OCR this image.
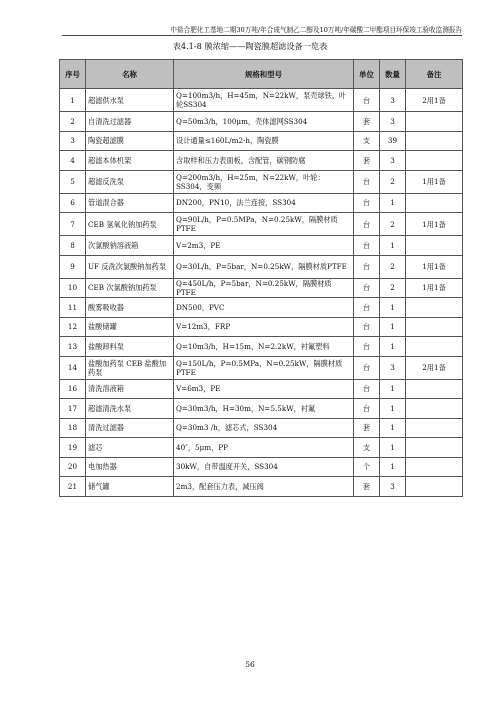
中盐合肥化工基地二期30万吨/年合成气制乙二醇及10万吨/年碳酸二甲酯项目环保竣工验收监测报告
表4.1-8 膜浓缩——陶瓷膜超滤设备一览表
序号	名称	规格和型号	单位	数量	备注
1	超滤供水泵	Q=100m3/h，H=45m，N=22kW，泵壳球铁，叶轮SS304	台	3	2用1备
2	自清洗过滤器	Q=50m3/h，100μm，壳体滤网SS304	套	3	
3	陶瓷超滤膜	设计通量≤160L/m2·h，陶瓷膜	支	39	
4	超滤本体机架	含取样和压力表面板，含配管，碳钢防腐	套	3	
5	超滤反洗泵	Q=200m3/h，H=25m，N=22kW，叶轮：SS304，变频	台	2	1用1备
6	管道混合器	DN200，PN10，法兰连接，SS304	台	1	
7	CEB 氢氧化钠加药泵	Q=90L/h，P=0.5MPa，N=0.25kW，隔膜材质PTFE	台	2	1用1备
8	次氯酸钠溶液箱	V=2m3，PE	台	1	
9	UF 反洗次氯酸钠加药泵	Q=30L/h，P=5bar，N=0.25kW，隔膜材质PTFE	台	2	1用1备
10	CEB 次氯酸钠加药泵	Q=450L/h，P=5bar，N=0.25kW，隔膜材质PTFE	台	2	1用1备
11	酸雾吸收器	DN500，PVC	台	1	
12	盐酸储罐	V=12m3，FRP	台	1	
13	盐酸卸料泵	Q=10m3/h，H=15m，N=2.2kW，衬氟塑料	台	1	
14	盐酸加药泵 CEB 盐酸加药泵	Q=150L/h，P=0.5MPa，N=0.25kW，隔膜材质PTFE	台	3	2用1备
16	清洗溶液箱	V=6m3，PE	台	1	
17	超滤清洗水泵	Q=30m3/h，H=30m，N=5.5kW，衬氟	台	1	
18	清洗过滤器	Q=30m3 /h，滤芯式，SS304	套	1	
19	滤芯	40″，5μm，PP	支	1	
20	电加热器	30kW，自带温度开关，SS304	个	1	
21	储气罐	2m3，配套压力表，减压阀	套	3	
56
